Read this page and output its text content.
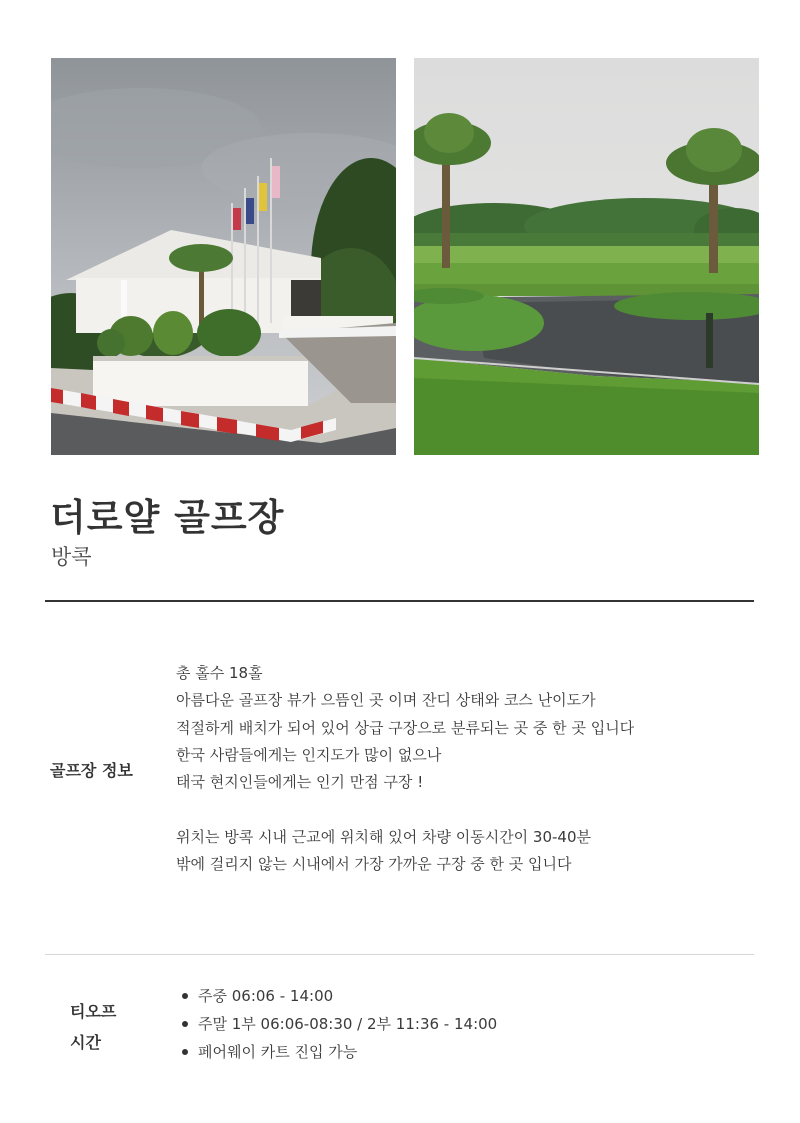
더로얄 골프장
방콕
골프장 정보
총 홀수 18홀
아름다운 골프장 뷰가 으뜸인 곳 이며 잔디 상태와 코스 난이도가
적절하게 배치가 되어 있어 상급 구장으로 분류되는 곳 중 한 곳 입니다
한국 사람들에게는 인지도가 많이 없으나
태국 현지인들에게는 인기 만점 구장 !
위치는 방콕 시내 근교에 위치해 있어 차량 이동시간이 30-40분
밖에 걸리지 않는 시내에서 가장 가까운 구장 중 한 곳 입니다
티오프
시간
주중 06:06 - 14:00
주말 1부 06:06-08:30 / 2부 11:36 - 14:00
페어웨이 카트 진입 가능
